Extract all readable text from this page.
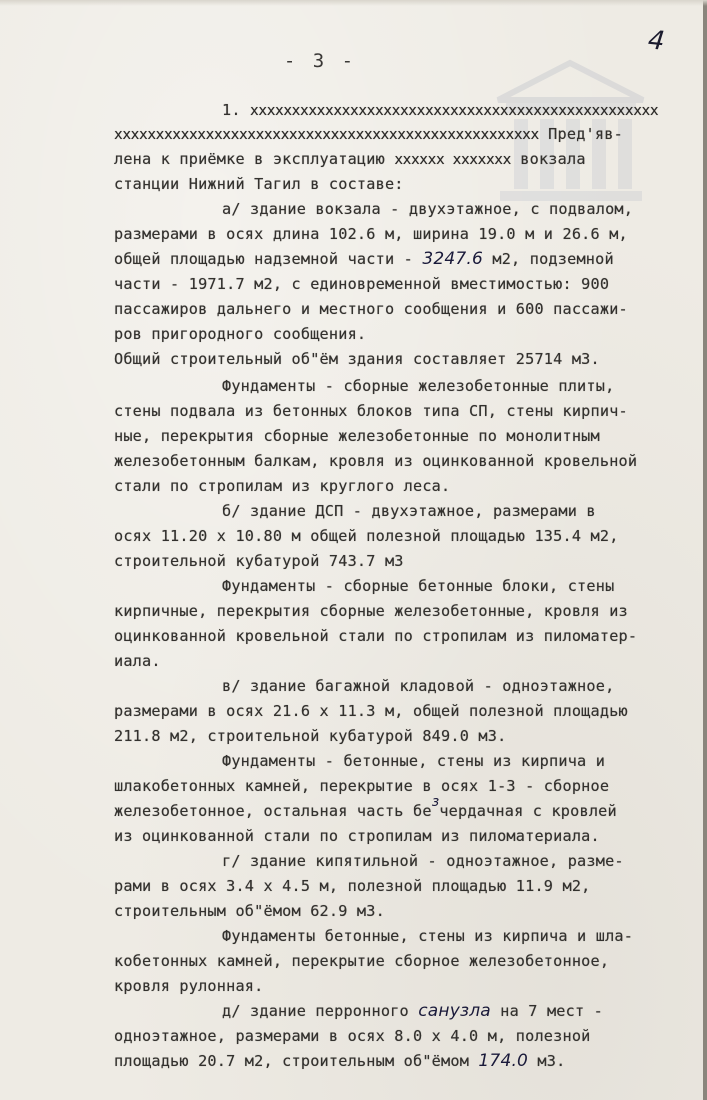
4
- 3 -
1. xxxxxxxxxxxxxxxxxxxxxxxxxxxxxxxxxxxxxxxxxxxxxxxxx
xxxxxxxxxxxxxxxxxxxxxxxxxxxxxxxxxxxxxxxxxxxxxxxxxxx Пред'яв-
лена к приёмке в эксплуатацию xxxxxx xxxxxxx вокзала
станции Нижний Тагил в составе:
а/ здание вокзала - двухэтажное, с подвалом,
размерами в осях длина 102.6 м, ширина 19.0 м и 26.6 м,
общей площадью надземной части - 3247.6 м2, подземной
части - 1971.7 м2, с единовременной вместимостью: 900
пассажиров дальнего и местного сообщения и 600 пассажи-
ров пригородного сообщения.
Общий строительный об"ём здания составляет 25714 м3.
Фундаменты - сборные железобетонные плиты,
стены подвала из бетонных блоков типа СП, стены кирпич-
ные, перекрытия сборные железобетонные по монолитным
железобетонным балкам, кровля из оцинкованной кровельной
стали по стропилам из круглого леса.
б/ здание ДСП - двухэтажное, размерами в
осях 11.20 х 10.80 м общей полезной площадью 135.4 м2,
строительной кубатурой 743.7 м3
Фундаменты - сборные бетонные блоки, стены
кирпичные, перекрытия сборные железобетонные, кровля из
оцинкованной кровельной стали по стропилам из пиломатер-
иала.
в/ здание багажной кладовой - одноэтажное,
размерами в осях 21.6 х 11.3 м, общей полезной площадью
211.8 м2, строительной кубатурой 849.0 м3.
Фундаменты - бетонные, стены из кирпича и
шлакобетонных камней, перекрытие в осях 1-3 - сборное
железобетонное, остальная часть безчердачная с кровлей
из оцинкованной стали по стропилам из пиломатериала.
г/ здание кипятильной - одноэтажное, разме-
рами в осях 3.4 х 4.5 м, полезной площадью 11.9 м2,
строительным об"ёмом 62.9 м3.
Фундаменты бетонные, стены из кирпича и шла-
кобетонных камней, перекрытие сборное железобетонное,
кровля рулонная.
д/ здание перронного санузла на 7 мест -
одноэтажное, размерами в осях 8.0 х 4.0 м, полезной
площадью 20.7 м2, строительным об"ёмом 174.0 м3.
